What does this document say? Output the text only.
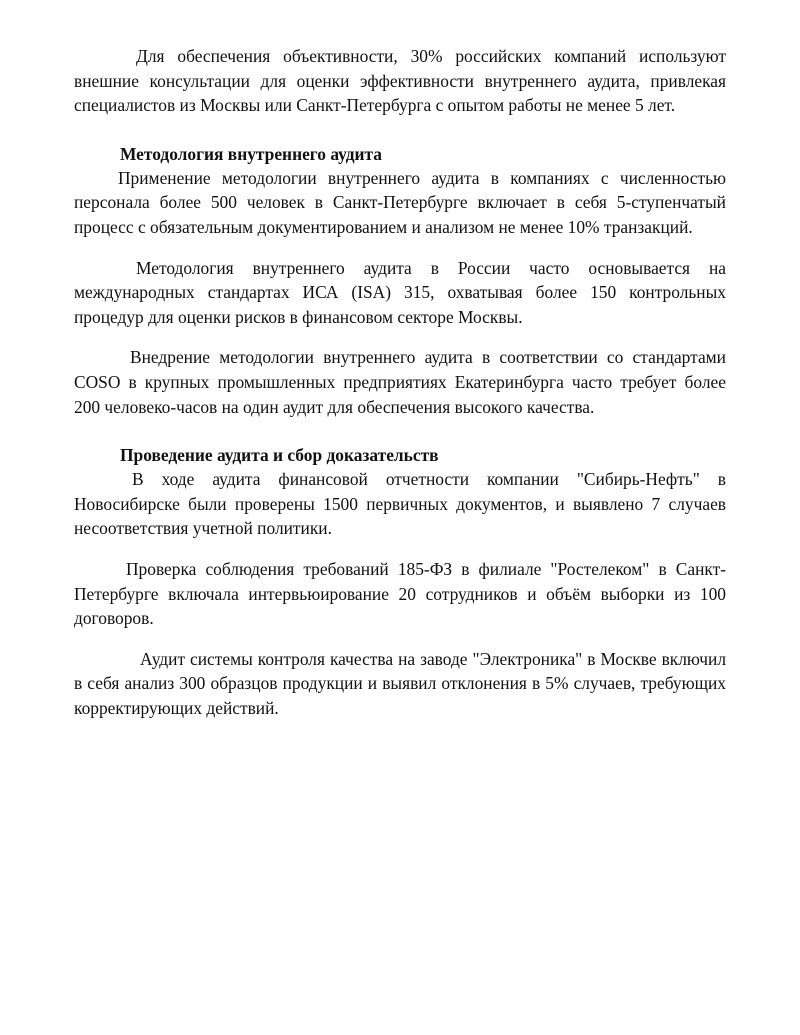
Для обеспечения объективности, 30% российских компаний используют внешние консультации для оценки эффективности внутреннего аудита, привлекая специалистов из Москвы или Санкт-Петербурга с опытом работы не менее 5 лет.

Методология внутреннего аудита

Применение методологии внутреннего аудита в компаниях с численностью персонала более 500 человек в Санкт-Петербурге включает в себя 5-ступенчатый процесс с обязательным документированием и анализом не менее 10% транзакций.

Методология внутреннего аудита в России часто основывается на международных стандартах ИСА (ISA) 315, охватывая более 150 контрольных процедур для оценки рисков в финансовом секторе Москвы.

Внедрение методологии внутреннего аудита в соответствии со стандартами COSO в крупных промышленных предприятиях Екатеринбурга часто требует более 200 человеко-часов на один аудит для обеспечения высокого качества.

Проведение аудита и сбор доказательств

В ходе аудита финансовой отчетности компании "Сибирь-Нефть" в Новосибирске были проверены 1500 первичных документов, и выявлено 7 случаев несоответствия учетной политики.

Проверка соблюдения требований 185-ФЗ в филиале "Ростелеком" в Санкт-Петербурге включала интервьюирование 20 сотрудников и объём выборки из 100 договоров.

Аудит системы контроля качества на заводе "Электроника" в Москве включил в себя анализ 300 образцов продукции и выявил отклонения в 5% случаев, требующих корректирующих действий.
